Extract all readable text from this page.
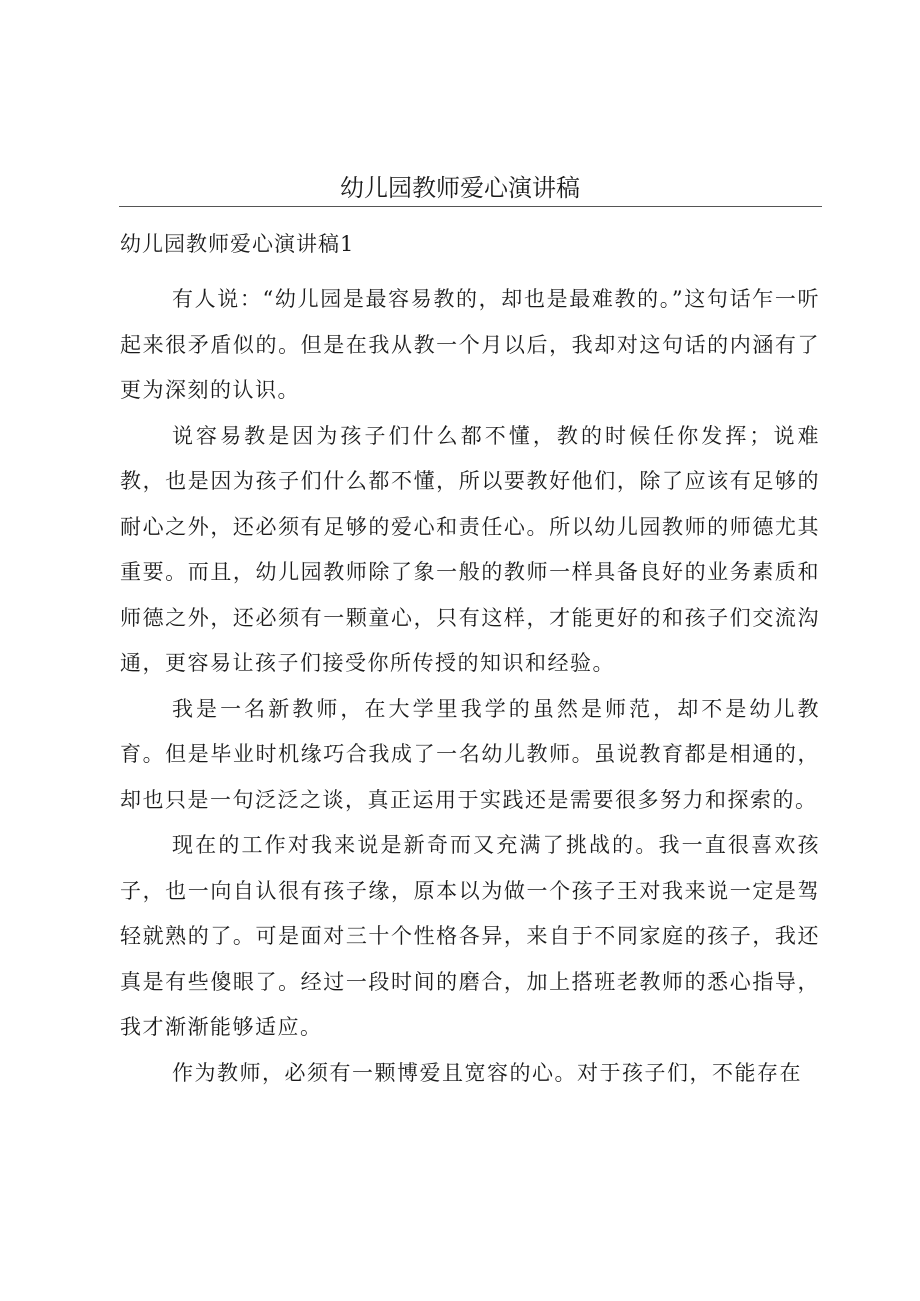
幼儿园教师爱心演讲稿
幼儿园教师爱心演讲稿1

有人说：“幼儿园是最容易教的，却也是最难教的。”这句话乍一听起来很矛盾似的。但是在我从教一个月以后，我却对这句话的内涵有了更为深刻的认识。

说容易教是因为孩子们什么都不懂，教的时候任你发挥；说难教，也是因为孩子们什么都不懂，所以要教好他们，除了应该有足够的耐心之外，还必须有足够的爱心和责任心。所以幼儿园教师的师德尤其重要。而且，幼儿园教师除了象一般的教师一样具备良好的业务素质和师德之外，还必须有一颗童心，只有这样，才能更好的和孩子们交流沟通，更容易让孩子们接受你所传授的知识和经验。

我是一名新教师，在大学里我学的虽然是师范，却不是幼儿教育。但是毕业时机缘巧合我成了一名幼儿教师。虽说教育都是相通的，却也只是一句泛泛之谈，真正运用于实践还是需要很多努力和探索的。

现在的工作对我来说是新奇而又充满了挑战的。我一直很喜欢孩子，也一向自认很有孩子缘，原本以为做一个孩子王对我来说一定是驾轻就熟的了。可是面对三十个性格各异，来自于不同家庭的孩子，我还真是有些傻眼了。经过一段时间的磨合，加上搭班老教师的悉心指导，我才渐渐能够适应。

作为教师，必须有一颗博爱且宽容的心。对于孩子们，不能存在
